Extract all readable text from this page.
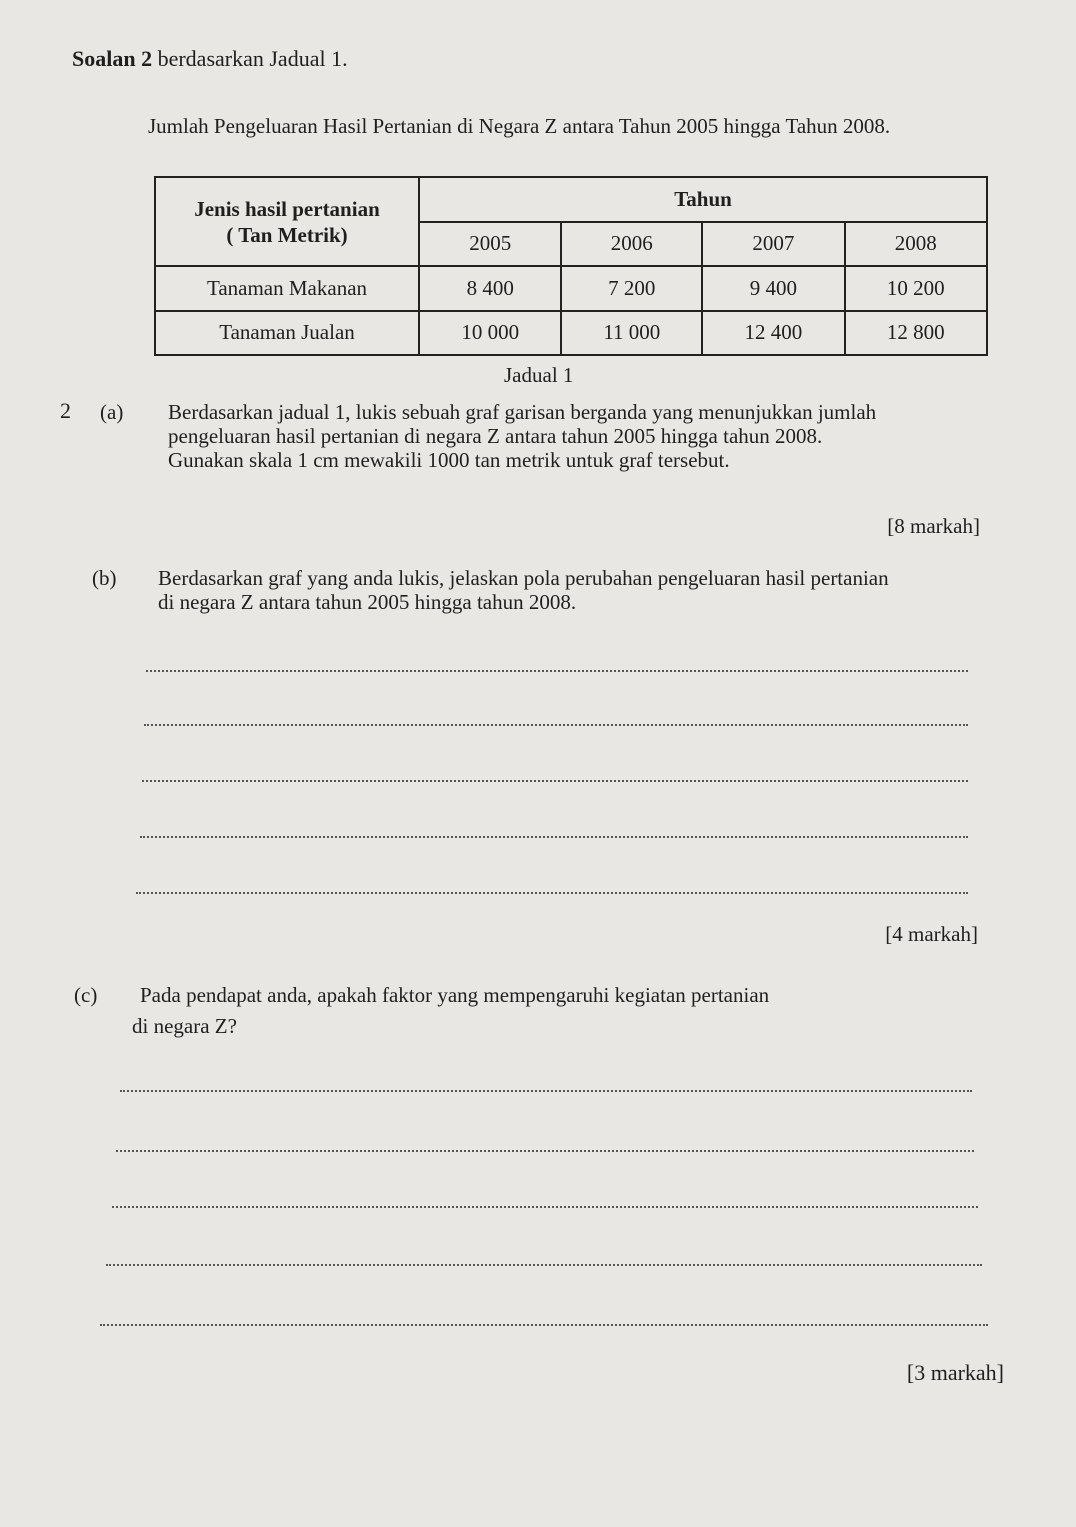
Soalan 2 berdasarkan Jadual 1.
Jumlah Pengeluaran Hasil Pertanian di Negara Z antara Tahun 2005 hingga Tahun 2008.
Jenis hasil pertanian
( Tan Metrik)	Tahun			
	2005	2006	2007	2008
Tanaman Makanan	8 400	7 200	9 400	10 200
Tanaman Jualan	10 000	11 000	12 400	12 800
Jadual 1
2 (a) Berdasarkan jadual 1, lukis sebuah graf garisan berganda yang menunjukkan jumlah
pengeluaran hasil pertanian di negara Z antara tahun 2005 hingga tahun 2008.
Gunakan skala 1 cm mewakili 1000 tan metrik untuk graf tersebut.
[8 markah]
(b) Berdasarkan graf yang anda lukis, jelaskan pola perubahan pengeluaran hasil pertanian
di negara Z antara tahun 2005 hingga tahun 2008.
[4 markah]
(c) Pada pendapat anda, apakah faktor yang mempengaruhi kegiatan pertanian
di negara Z?
[3 markah]
